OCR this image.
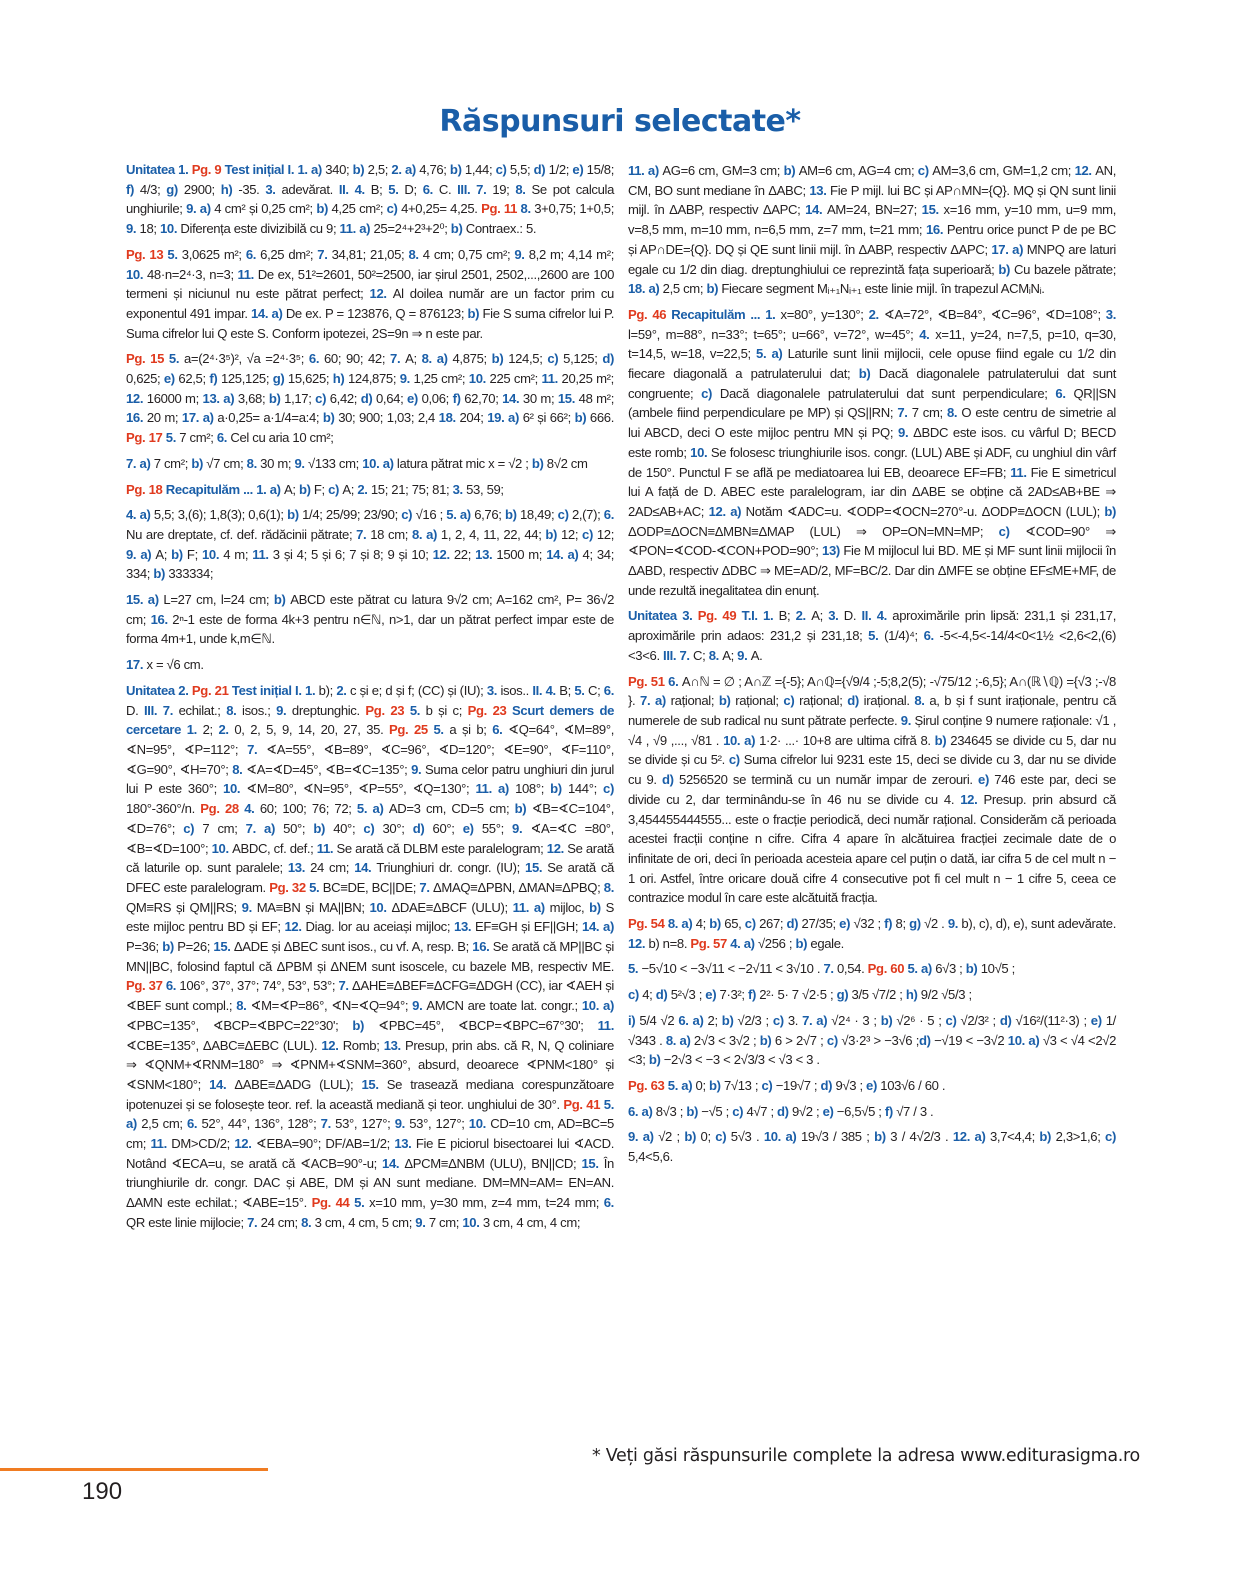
Răspunsuri selectate*

Unitatea 1. Pg. 9 Test inițial I. 1. a) 340; b) 2,5; 2. a) 4,76; b) 1,44; c) 5,5; d) 1/2; e) 15/8; f) 4/3; g) 2900; h) -35. 3. adevărat. II. 4. B; 5. D; 6. C. III. 7. 19; 8. Se pot calcula unghiurile; 9. a) 4 cm² și 0,25 cm²; b) 4,25 cm²; c) 4+0,25= 4,25. Pg. 11 8. 3+0,75; 1+0,5; 9. 18; 10. Diferența este divizibilă cu 9; 11. a) 25=2⁴+2³+2⁰; b) Contraex.: 5.

Pg. 13 5. 3,0625 m²; 6. 6,25 dm²; 7. 34,81; 21,05; 8. 4 cm; 0,75 cm²; 9. 8,2 m; 4,14 m²; 10. 48·n=2⁴·3, n=3; 11. De ex, 51²=2601, 50²=2500, iar șirul 2501, 2502,...,2600 are 100 termeni și niciunul nu este pătrat perfect; 12. Al doilea număr are un factor prim cu exponentul 491 impar. 14. a) De ex. P = 123876, Q = 876123; b) Fie S suma cifrelor lui P. Suma cifrelor lui Q este S. Conform ipotezei, 2S=9n ⇒ n este par.

Pg. 15 5. a=(2⁴·3⁵)², √a =2⁴·3⁵; 6. 60; 90; 42; 7. A; 8. a) 4,875; b) 124,5; c) 5,125; d) 0,625; e) 62,5; f) 125,125; g) 15,625; h) 124,875; 9. 1,25 cm²; 10. 225 cm²; 11. 20,25 m²; 12. 16000 m; 13. a) 3,68; b) 1,17; c) 6,42; d) 0,64; e) 0,06; f) 62,70; 14. 30 m; 15. 48 m²; 16. 20 m; 17. a) a·0,25= a·1/4=a:4; b) 30; 900; 1,03; 2,4 18. 204; 19. a) 6² și 66²; b) 666. Pg. 17 5. 7 cm²; 6. Cel cu aria 10 cm²;

7. a) 7 cm²; b) √7 cm; 8. 30 m; 9. √133 cm; 10. a) latura pătrat mic x = √2 ; b) 8√2 cm

Pg. 18 Recapitulăm ... 1. a) A; b) F; c) A; 2. 15; 21; 75; 81; 3. 53, 59;

4. a) 5,5; 3,(6); 1,8(3); 0,6(1); b) 1/4; 25/99; 23/90; c) √16 ; 5. a) 6,76; b) 18,49; c) 2,(7); 6. Nu are dreptate, cf. def. rădăcinii pătrate; 7. 18 cm; 8. a) 1, 2, 4, 11, 22, 44; b) 12; c) 12; 9. a) A; b) F; 10. 4 m; 11. 3 și 4; 5 și 6; 7 și 8; 9 și 10; 12. 22; 13. 1500 m; 14. a) 4; 34; 334; b) 333334;

15. a) L=27 cm, l=24 cm; b) ABCD este pătrat cu latura 9√2 cm; A=162 cm², P= 36√2 cm; 16. 2ⁿ-1 este de forma 4k+3 pentru n∈ℕ, n>1, dar un pătrat perfect impar este de forma 4m+1, unde k,m∈ℕ.

17. x = √6 cm.

Unitatea 2. Pg. 21 Test inițial I. 1. b); 2. c și e; d și f; (CC) și (IU); 3. isos.. II. 4. B; 5. C; 6. D. III. 7. echilat.; 8. isos.; 9. dreptunghic. Pg. 23 5. b și c; Pg. 23 Scurt demers de cercetare 1. 2; 2. 0, 2, 5, 9, 14, 20, 27, 35. Pg. 25 5. a și b; 6. ∢Q=64°, ∢M=89°, ∢N=95°, ∢P=112°; 7. ∢A=55°, ∢B=89°, ∢C=96°, ∢D=120°; ∢E=90°, ∢F=110°, ∢G=90°, ∢H=70°; 8. ∢A=∢D=45°, ∢B=∢C=135°; 9. Suma celor patru unghiuri din jurul lui P este 360°; 10. ∢M=80°, ∢N=95°, ∢P=55°, ∢Q=130°; 11. a) 108°; b) 144°; c) 180°-360°/n. Pg. 28 4. 60; 100; 76; 72; 5. a) AD=3 cm, CD=5 cm; b) ∢B=∢C=104°, ∢D=76°; c) 7 cm; 7. a) 50°; b) 40°; c) 30°; d) 60°; e) 55°; 9. ∢A=∢C =80°, ∢B=∢D=100°; 10. ABDC, cf. def.; 11. Se arată că DLBM este paralelogram; 12. Se arată că laturile op. sunt paralele; 13. 24 cm; 14. Triunghiuri dr. congr. (IU); 15. Se arată că DFEC este paralelogram. Pg. 32 5. BC≡DE, BC||DE; 7. ΔMAQ≡ΔPBN, ΔMAN≡ΔPBQ; 8. QM≡RS și QM||RS; 9. MA≡BN și MA||BN; 10. ΔDAE≡ΔBCF (ULU); 11. a) mijloc, b) S este mijloc pentru BD și EF; 12. Diag. lor au aceiași mijloc; 13. EF≡GH și EF||GH; 14. a) P=36; b) P=26; 15. ΔADE și ΔBEC sunt isos., cu vf. A, resp. B; 16. Se arată că MP||BC și MN||BC, folosind faptul că ΔPBM și ΔNEM sunt isoscele, cu bazele MB, respectiv ME. Pg. 37 6. 106°, 37°, 37°; 74°, 53°, 53°; 7. ΔAHE≡ΔBEF≡ΔCFG≡ΔDGH (CC), iar ∢AEH și ∢BEF sunt compl.; 8. ∢M=∢P=86°, ∢N=∢Q=94°; 9. AMCN are toate lat. congr.; 10. a) ∢PBC=135°, ∢BCP=∢BPC=22°30'; b) ∢PBC=45°, ∢BCP=∢BPC=67°30'; 11. ∢CBE=135°, ΔABC≡ΔEBC (LUL). 12. Romb; 13. Presup, prin abs. că R, N, Q coliniare ⇒ ∢QNM+∢RNM=180° ⇒ ∢PNM+∢SNM=360°, absurd, deoarece ∢PNM<180° și ∢SNM<180°; 14. ΔABE≡ΔADG (LUL); 15. Se trasează mediana corespunzătoare ipotenuzei și se folosește teor. ref. la această mediană și teor. unghiului de 30°. Pg. 41 5. a) 2,5 cm; 6. 52°, 44°, 136°, 128°; 7. 53°, 127°; 9. 53°, 127°; 10. CD=10 cm, AD=BC=5 cm; 11. DM>CD/2; 12. ∢EBA=90°; DF/AB=1/2; 13. Fie E piciorul bisectoarei lui ∢ACD. Notând ∢ECA=u, se arată că ∢ACB=90°-u; 14. ΔPCM≡ΔNBM (ULU), BN||CD; 15. În triunghiurile dr. congr. DAC și ABE, DM și AN sunt mediane. DM=MN=AM= EN=AN. ΔAMN este echilat.; ∢ABE=15°. Pg. 44 5. x=10 mm, y=30 mm, z=4 mm, t=24 mm; 6. QR este linie mijlocie; 7. 24 cm; 8. 3 cm, 4 cm, 5 cm; 9. 7 cm; 10. 3 cm, 4 cm, 4 cm;

11. a) AG=6 cm, GM=3 cm; b) AM=6 cm, AG=4 cm; c) AM=3,6 cm, GM=1,2 cm; 12. AN, CM, BO sunt mediane în ΔABC; 13. Fie P mijl. lui BC și AP∩MN={Q}. MQ și QN sunt linii mijl. în ΔABP, respectiv ΔAPC; 14. AM=24, BN=27; 15. x=16 mm, y=10 mm, u=9 mm, v=8,5 mm, m=10 mm, n=6,5 mm, z=7 mm, t=21 mm; 16. Pentru orice punct P de pe BC și AP∩DE={Q}. DQ și QE sunt linii mijl. în ΔABP, respectiv ΔAPC; 17. a) MNPQ are laturi egale cu 1/2 din diag. dreptunghiului ce reprezintă fața superioară; b) Cu bazele pătrate; 18. a) 2,5 cm; b) Fiecare segment Mᵢ₊₁Nᵢ₊₁ este linie mijl. în trapezul ACMᵢNᵢ.

Pg. 46 Recapitulăm ... 1. x=80°, y=130°; 2. ∢A=72°, ∢B=84°, ∢C=96°, ∢D=108°; 3. l=59°, m=88°, n=33°; t=65°; u=66°, v=72°, w=45°; 4. x=11, y=24, n=7,5, p=10, q=30, t=14,5, w=18, v=22,5; 5. a) Laturile sunt linii mijlocii, cele opuse fiind egale cu 1/2 din fiecare diagonală a patrulaterului dat; b) Dacă diagonalele patrulaterului dat sunt congruente; c) Dacă diagonalele patrulaterului dat sunt perpendiculare; 6. QR||SN (ambele fiind perpendiculare pe MP) și QS||RN; 7. 7 cm; 8. O este centru de simetrie al lui ABCD, deci O este mijloc pentru MN și PQ; 9. ΔBDC este isos. cu vârful D; BECD este romb; 10. Se folosesc triunghiurile isos. congr. (LUL) ABE și ADF, cu unghiul din vârf de 150°. Punctul F se află pe mediatoarea lui EB, deoarece EF=FB; 11. Fie E simetricul lui A față de D. ABEC este paralelogram, iar din ΔABE se obține că 2AD≤AB+BE ⇒ 2AD≤AB+AC; 12. a) Notăm ∢ADC=u. ∢ODP=∢OCN=270°-u. ΔODP≡ΔOCN (LUL); b) ΔODP≡ΔOCN≡ΔMBN≡ΔMAP (LUL) ⇒ OP=ON=MN=MP; c) ∢COD=90° ⇒ ∢PON=∢COD-∢CON+POD=90°; 13) Fie M mijlocul lui BD. ME și MF sunt linii mijlocii în ΔABD, respectiv ΔDBC ⇒ ME=AD/2, MF=BC/2. Dar din ΔMFE se obține EF≤ME+MF, de unde rezultă inegalitatea din enunț.

Unitatea 3. Pg. 49 T.I. 1. B; 2. A; 3. D. II. 4. aproximările prin lipsă: 231,1 și 231,17, aproximările prin adaos: 231,2 și 231,18; 5. (1/4)⁴; 6. -5<-4,5<-14/4<0<1½ <2,6<2,(6)<3<6. III. 7. C; 8. A; 9. A.

Pg. 51 6. A∩ℕ = ∅ ; A∩ℤ ={-5}; A∩ℚ={√9/4 ;-5;8,2(5); -√75/12 ;-6,5}; A∩(ℝ∖ℚ) ={√3 ;-√8 }. 7. a) rațional; b) rațional; c) rațional; d) irațional. 8. a, b și f sunt iraționale, pentru că numerele de sub radical nu sunt pătrate perfecte. 9. Șirul conține 9 numere raționale: √1 , √4 , √9 ,..., √81 . 10. a) 1·2· ...· 10+8 are ultima cifră 8. b) 234645 se divide cu 5, dar nu se divide și cu 5². c) Suma cifrelor lui 9231 este 15, deci se divide cu 3, dar nu se divide cu 9. d) 5256520 se termină cu un număr impar de zerouri. e) 746 este par, deci se divide cu 2, dar terminându-se în 46 nu se divide cu 4. 12. Presup. prin absurd că 3,454455444555... este o fracție periodică, deci număr rațional. Considerăm că perioada acestei fracții conține n cifre. Cifra 4 apare în alcătuirea fracției zecimale date de o infinitate de ori, deci în perioada acesteia apare cel puțin o dată, iar cifra 5 de cel mult n − 1 ori. Astfel, între oricare două cifre 4 consecutive pot fi cel mult n − 1 cifre 5, ceea ce contrazice modul în care este alcătuită fracția.

Pg. 54 8. a) 4; b) 65, c) 267; d) 27/35; e) √32 ; f) 8; g) √2 . 9. b), c), d), e), sunt adevărate. 12. b) n=8. Pg. 57 4. a) √256 ; b) egale.

5. −5√10 < −3√11 < −2√11 < 3√10 . 7. 0,54. Pg. 60 5. a) 6√3 ; b) 10√5 ;

c) 4; d) 5²√3 ; e) 7·3²; f) 2²· 5· 7 √2·5 ; g) 3/5 √7/2 ; h) 9/2 √5/3 ;

i) 5/4 √2 6. a) 2; b) √2/3 ; c) 3. 7. a) √2⁴ · 3 ; b) √2⁶ · 5 ; c) √2/3² ; d) √16²/(11²·3) ; e) 1/√343 . 8. a) 2√3 < 3√2 ; b) 6 > 2√7 ; c) √3·2³ > −3√6 ;d) −√19 < −3√2 10. a) √3 < √4 <2√2 <3; b) −2√3 < −3 < 2√3/3 < √3 < 3 .

Pg. 63 5. a) 0; b) 7√13 ; c) −19√7 ; d) 9√3 ; e) 103√6 / 60 .

6. a) 8√3 ; b) −√5 ; c) 4√7 ; d) 9√2 ; e) −6,5√5 ; f) √7 / 3 .

9. a) √2 ; b) 0; c) 5√3 . 10. a) 19√3 / 385 ; b) 3 / 4√2/3 . 12. a) 3,7<4,4; b) 2,3>1,6; c) 5,4<5,6.

* Veți găsi răspunsurile complete la adresa www.editurasigma.ro
190
